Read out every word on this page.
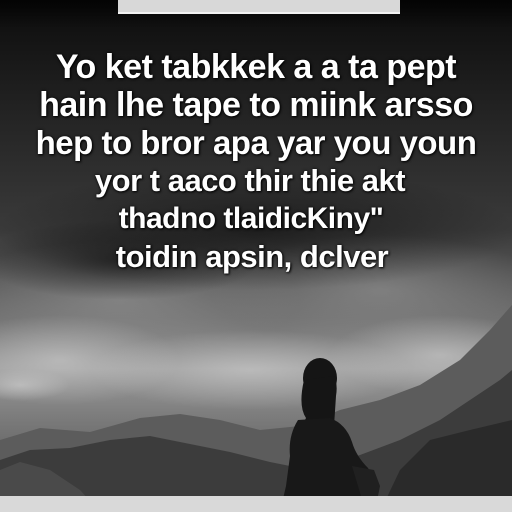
Yo ket tabkkek a a ta pept
hain lhe tape to miink arsso
hep to bror apa yar you youn
yor t aaco thir thie akt
thadno tlaidicKiny"
toidin apsin, dclver
